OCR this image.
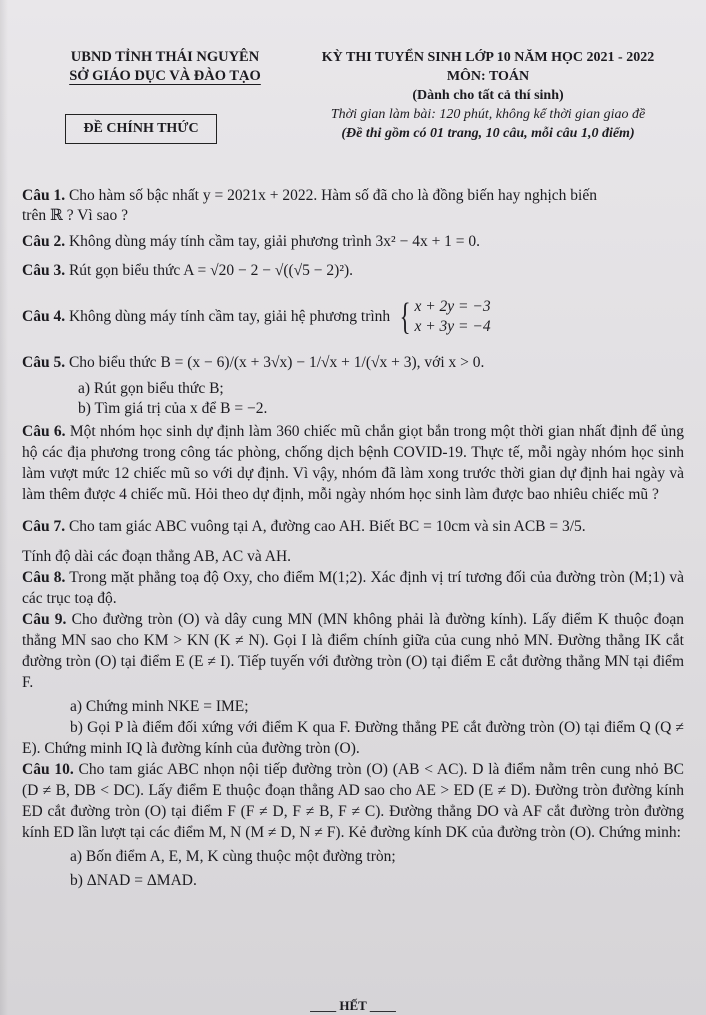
UBND TỈNH THÁI NGUYÊN
SỞ GIÁO DỤC VÀ ĐÀO TẠO
ĐỀ CHÍNH THỨC
KỲ THI TUYỂN SINH LỚP 10 NĂM HỌC 2021 - 2022
MÔN: TOÁN
(Dành cho tất cả thí sinh)
Thời gian làm bài: 120 phút, không kể thời gian giao đề
(Đề thi gồm có 01 trang, 10 câu, mỗi câu 1,0 điểm)

Câu 1. Cho hàm số bậc nhất y = 2021x + 2022. Hàm số đã cho là đồng biến hay nghịch biến
trên ℝ ? Vì sao ?

Câu 2. Không dùng máy tính cầm tay, giải phương trình 3x² − 4x + 1 = 0.

Câu 3. Rút gọn biểu thức A = √20 − 2 − √((√5 − 2)²).

Câu 4. Không dùng máy tính cầm tay, giải hệ phương trình { x + 2y = −3
x + 3y = −4

Câu 5. Cho biểu thức B = (x − 6)/(x + 3√x) − 1/√x + 1/(√x + 3), với x > 0.

a) Rút gọn biểu thức B;

b) Tìm giá trị của x để B = −2.

Câu 6. Một nhóm học sinh dự định làm 360 chiếc mũ chắn giọt bắn trong một thời gian nhất định để ủng hộ các địa phương trong công tác phòng, chống dịch bệnh COVID-19. Thực tế, mỗi ngày nhóm học sinh làm vượt mức 12 chiếc mũ so với dự định. Vì vậy, nhóm đã làm xong trước thời gian dự định hai ngày và làm thêm được 4 chiếc mũ. Hỏi theo dự định, mỗi ngày nhóm học sinh làm được bao nhiêu chiếc mũ ?

Câu 7. Cho tam giác ABC vuông tại A, đường cao AH. Biết BC = 10cm và sin ACB = 3/5.

Tính độ dài các đoạn thẳng AB, AC và AH.

Câu 8. Trong mặt phẳng toạ độ Oxy, cho điểm M(1;2). Xác định vị trí tương đối của đường tròn (M;1) và các trục toạ độ.

Câu 9. Cho đường tròn (O) và dây cung MN (MN không phải là đường kính). Lấy điểm K thuộc đoạn thẳng MN sao cho KM > KN (K ≠ N). Gọi I là điểm chính giữa của cung nhỏ MN. Đường thẳng IK cắt đường tròn (O) tại điểm E (E ≠ I). Tiếp tuyến với đường tròn (O) tại điểm E cắt đường thẳng MN tại điểm F.

a) Chứng minh NKE = IME;

b) Gọi P là điểm đối xứng với điểm K qua F. Đường thẳng PE cắt đường tròn (O) tại điểm Q (Q ≠ E). Chứng minh IQ là đường kính của đường tròn (O).

Câu 10. Cho tam giác ABC nhọn nội tiếp đường tròn (O) (AB < AC). D là điểm nằm trên cung nhỏ BC (D ≠ B, DB < DC). Lấy điểm E thuộc đoạn thẳng AD sao cho AE > ED (E ≠ D). Đường tròn đường kính ED cắt đường tròn (O) tại điểm F (F ≠ D, F ≠ B, F ≠ C). Đường thẳng DO và AF cắt đường tròn đường kính ED lần lượt tại các điểm M, N (M ≠ D, N ≠ F). Kẻ đường kính DK của đường tròn (O). Chứng minh:

a) Bốn điểm A, E, M, K cùng thuộc một đường tròn;

b) ΔNAD = ΔMAD.

____ HẾT ____
